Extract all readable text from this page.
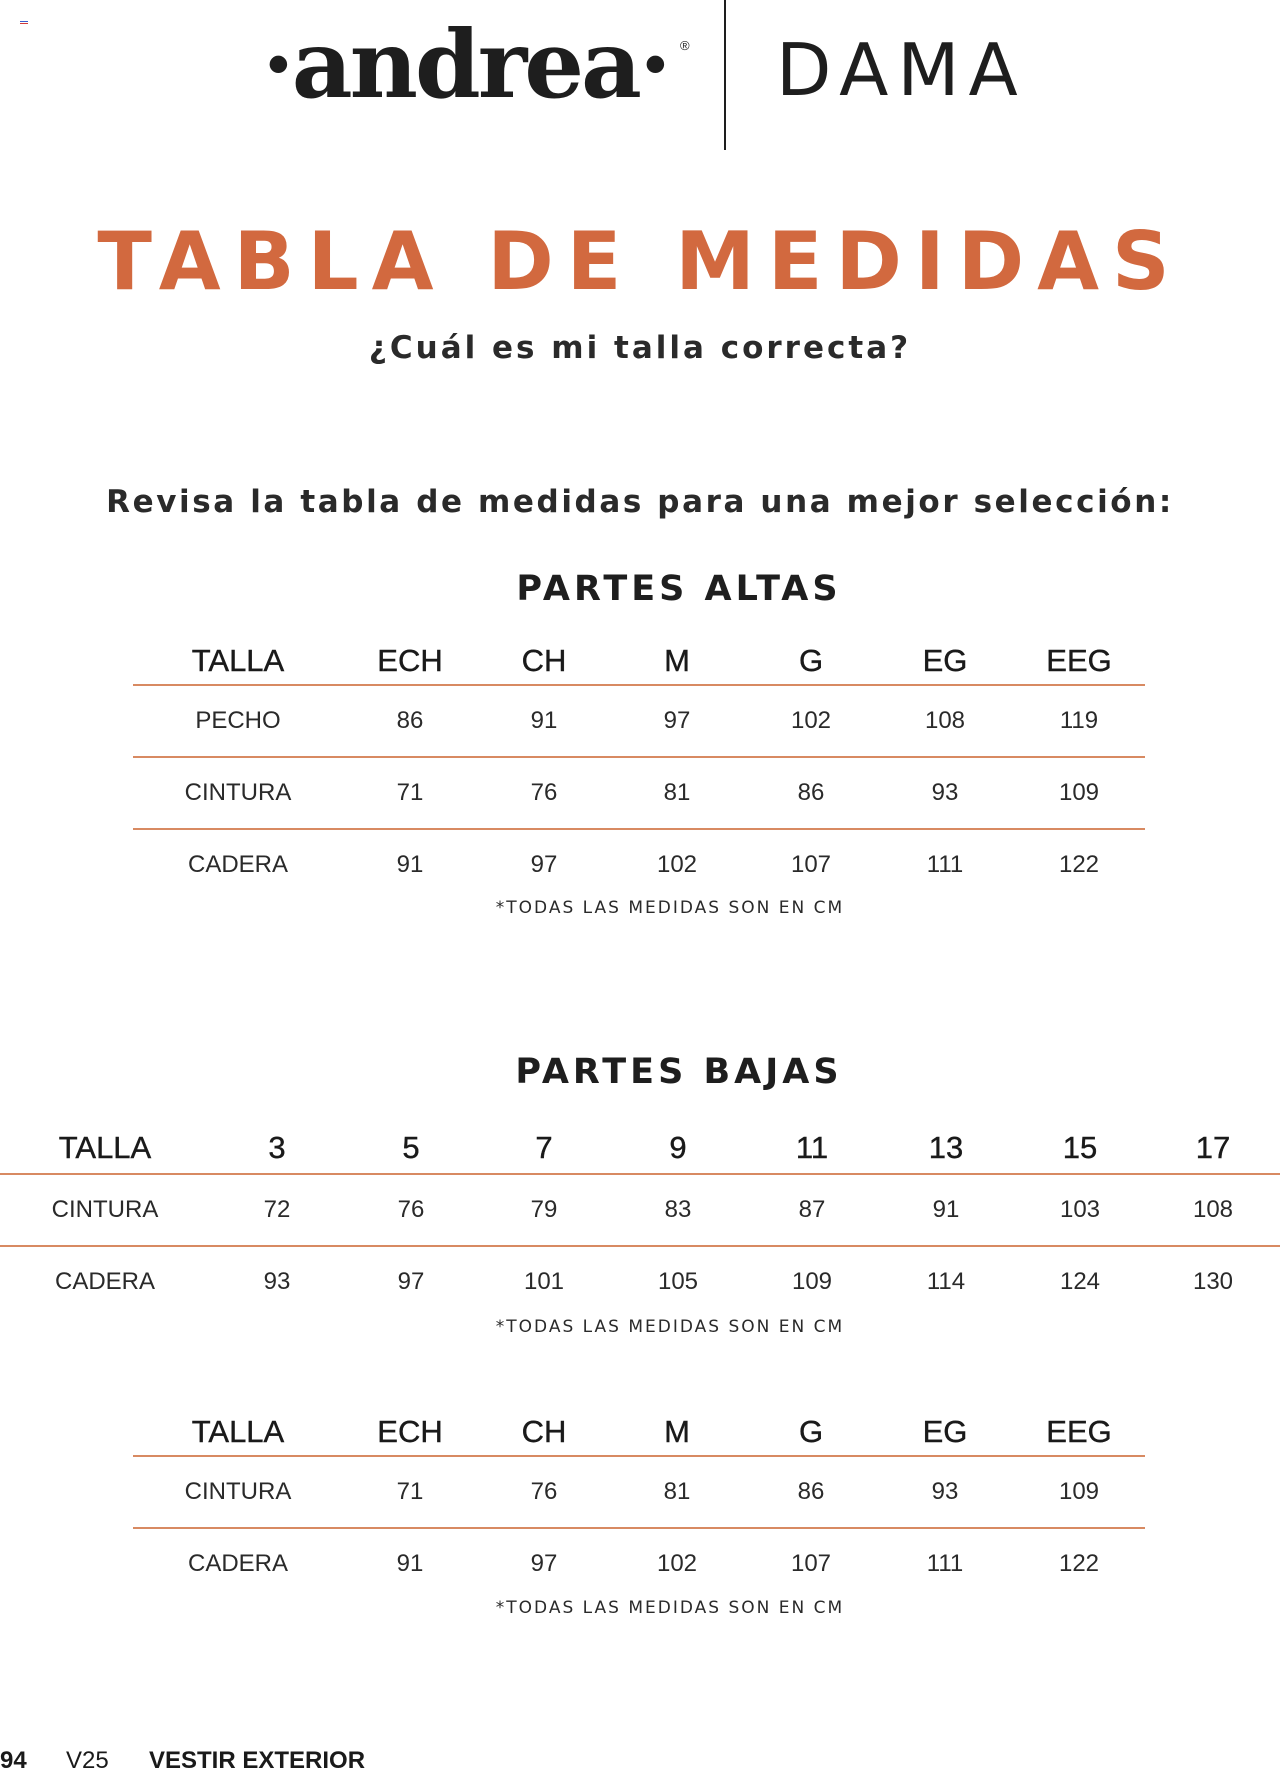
·andrea· ® DAMA
TABLA DE MEDIDAS
¿Cuál es mi talla correcta?
Revisa la tabla de medidas para una mejor selección:
PARTES ALTAS
TALLA	ECH	CH	M	G	EG	EEG
PECHO	86	91	97	102	108	119
CINTURA	71	76	81	86	93	109
CADERA	91	97	102	107	111	122
*TODAS LAS MEDIDAS SON EN CM
PARTES BAJAS
TALLA	3	5	7	9	11	13	15	17
CINTURA	72	76	79	83	87	91	103	108
CADERA	93	97	101	105	109	114	124	130
*TODAS LAS MEDIDAS SON EN CM
TALLA	ECH	CH	M	G	EG	EEG
CINTURA	71	76	81	86	93	109
CADERA	91	97	102	107	111	122
*TODAS LAS MEDIDAS SON EN CM
94 V25 VESTIR EXTERIOR
